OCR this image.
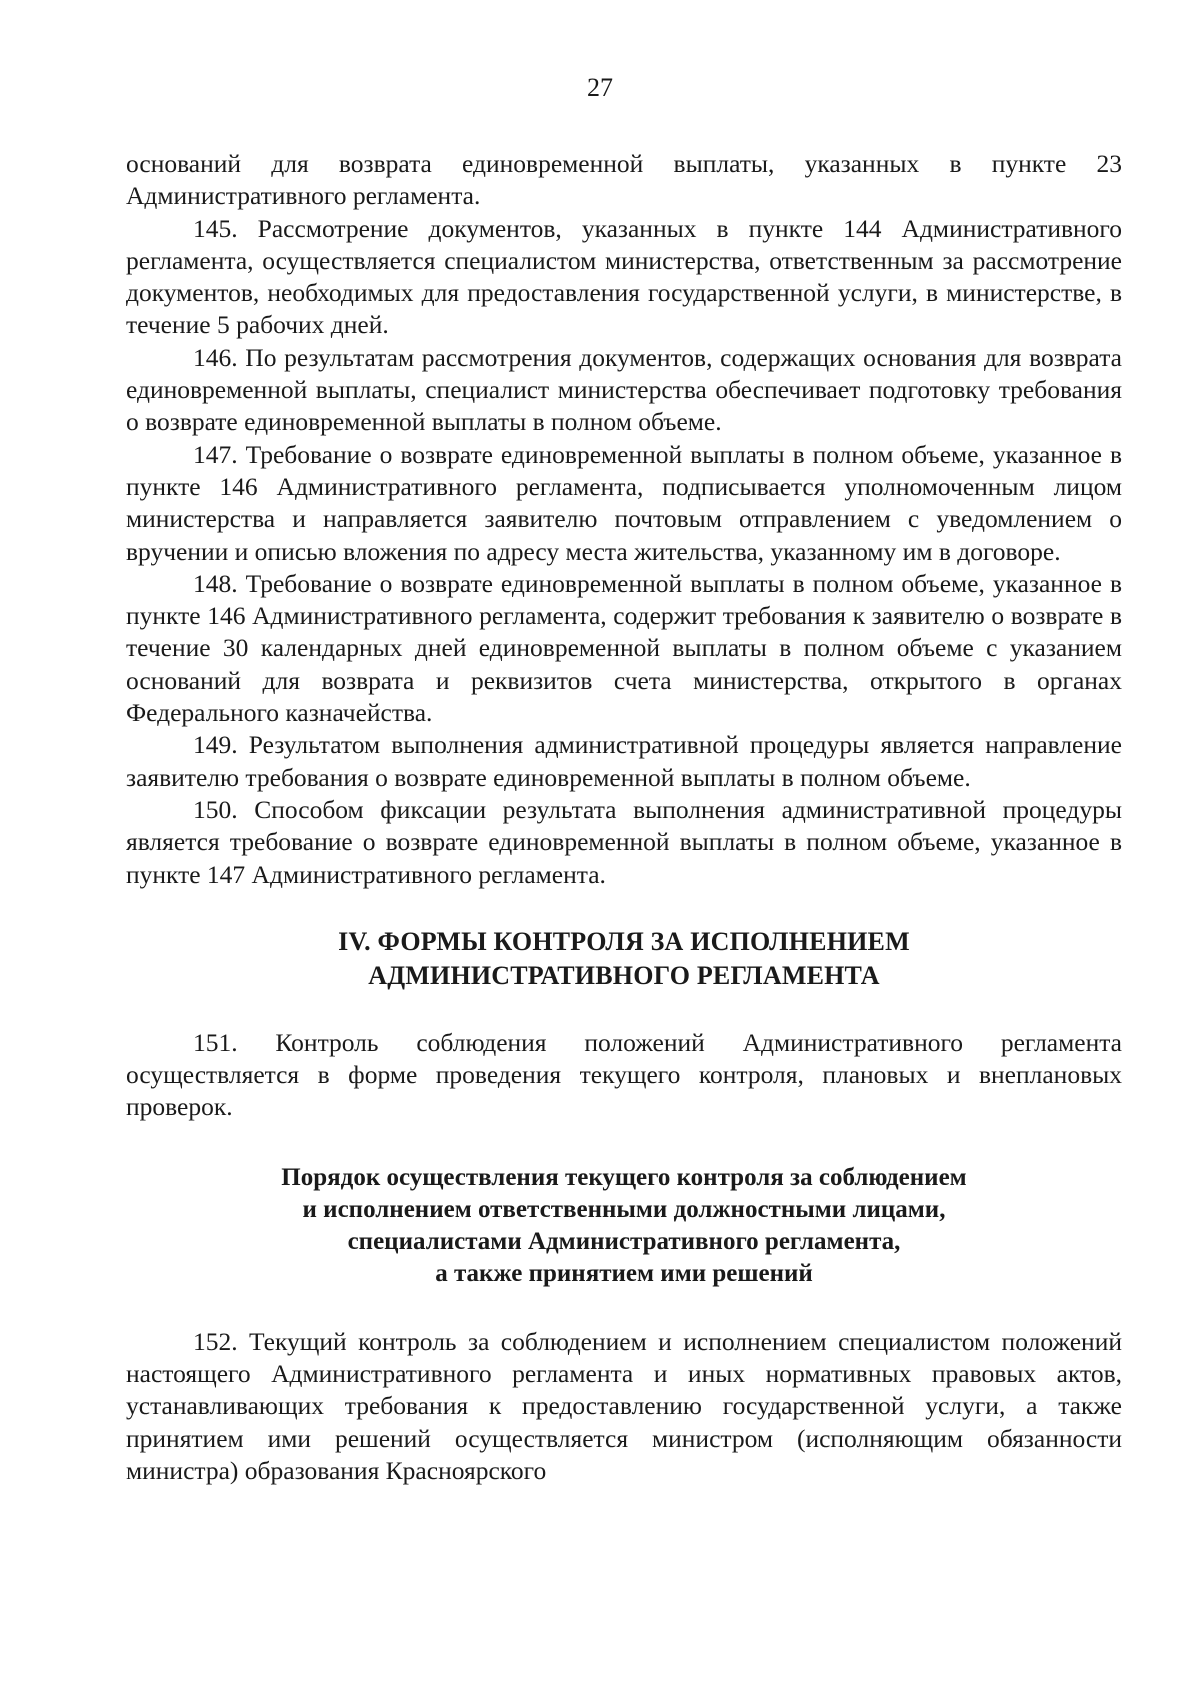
27

оснований для возврата единовременной выплаты, указанных в пункте 23 Административного регламента.

145. Рассмотрение документов, указанных в пункте 144 Административного регламента, осуществляется специалистом министерства, ответственным за рассмотрение документов, необходимых для предоставления государственной услуги, в министерстве, в течение 5 рабочих дней.

146. По результатам рассмотрения документов, содержащих основания для возврата единовременной выплаты, специалист министерства обеспечивает подготовку требования о возврате единовременной выплаты в полном объеме.

147. Требование о возврате единовременной выплаты в полном объеме, указанное в пункте 146 Административного регламента, подписывается уполномоченным лицом министерства и направляется заявителю почтовым отправлением с уведомлением о вручении и описью вложения по адресу места жительства, указанному им в договоре.

148. Требование о возврате единовременной выплаты в полном объеме, указанное в пункте 146 Административного регламента, содержит требования к заявителю о возврате в течение 30 календарных дней единовременной выплаты в полном объеме с указанием оснований для возврата и реквизитов счета министерства, открытого в органах Федерального казначейства.

149. Результатом выполнения административной процедуры является направление заявителю требования о возврате единовременной выплаты в полном объеме.

150. Способом фиксации результата выполнения административной процедуры является требование о возврате единовременной выплаты в полном объеме, указанное в пункте 147 Административного регламента.

IV. ФОРМЫ КОНТРОЛЯ ЗА ИСПОЛНЕНИЕМ
АДМИНИСТРАТИВНОГО РЕГЛАМЕНТА

151. Контроль соблюдения положений Административного регламента осуществляется в форме проведения текущего контроля, плановых и внеплановых проверок.

Порядок осуществления текущего контроля за соблюдением
и исполнением ответственными должностными лицами,
специалистами Административного регламента,
а также принятием ими решений

152. Текущий контроль за соблюдением и исполнением специалистом положений настоящего Административного регламента и иных нормативных правовых актов, устанавливающих требования к предоставлению государственной услуги, а также принятием ими решений осуществляется министром (исполняющим обязанности министра) образования Красноярского
